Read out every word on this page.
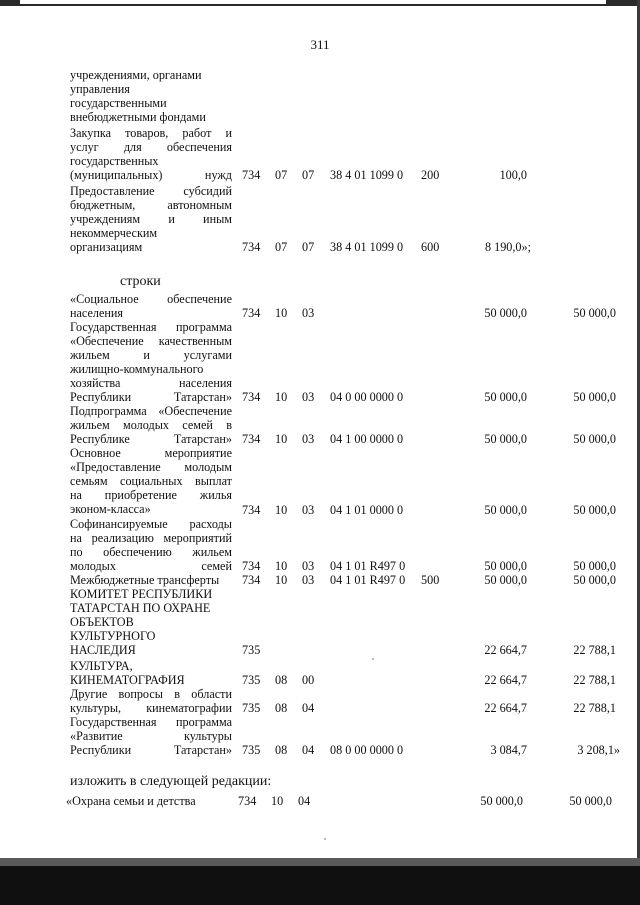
311
учреждениями, органами
управления
государственными
внебюджетными фондами
Закупка товаров, работ и
услуг для обеспечения
государственных
(муниципальных) нужд 734 07 07 38 4 01 1099 0 200	100,0
Предоставление субсидий
бюджетным, автономным
учреждениям и иным
некоммерческим
организациям	734 07 07 38 4 01 1099 0 600	8 190,0»;
строки
«Социальное обеспечение
населения	734 10 03	50 000,0	50 000,0
Государственная программа
«Обеспечение качественным
жильем и услугами
жилищно-коммунального
хозяйства населения
Республики Татарстан» 734 10 03 04 0 00 0000 0	50 000,0	50 000,0
Подпрограмма «Обеспечение
жильем молодых семей в
Республике Татарстан» 734 10 03 04 1 00 0000 0	50 000,0	50 000,0
Основное мероприятие
«Предоставление молодым
семьям социальных выплат
на приобретение жилья
эконом-класса»	734 10 03 04 1 01 0000 0	50 000,0	50 000,0
Софинансируемые расходы
на реализацию мероприятий
по обеспечению жильем
молодых семей 734 10 03 04 1 01 R497 0	50 000,0	50 000,0
Межбюджетные трансферты	734 10 03 04 1 01 R497 0 500	50 000,0	50 000,0
КОМИТЕТ РЕСПУБЛИКИ
ТАТАРСТАН ПО ОХРАНЕ
ОБЪЕКТОВ
КУЛЬТУРНОГО
НАСЛЕДИЯ	735	22 664,7	22 788,1
КУЛЬТУРА,
КИНЕМАТОГРАФИЯ	735 08 00	22 664,7	22 788,1
Другие вопросы в области
культуры, кинематографии 735 08 04	22 664,7	22 788,1
Государственная программа
«Развитие культуры
Республики Татарстан» 735 08 04 08 0 00 0000 0	3 084,7	3 208,1»
изложить в следующей редакции:
«Охрана семьи и детства	734 10 04	50 000,0	50 000,0
